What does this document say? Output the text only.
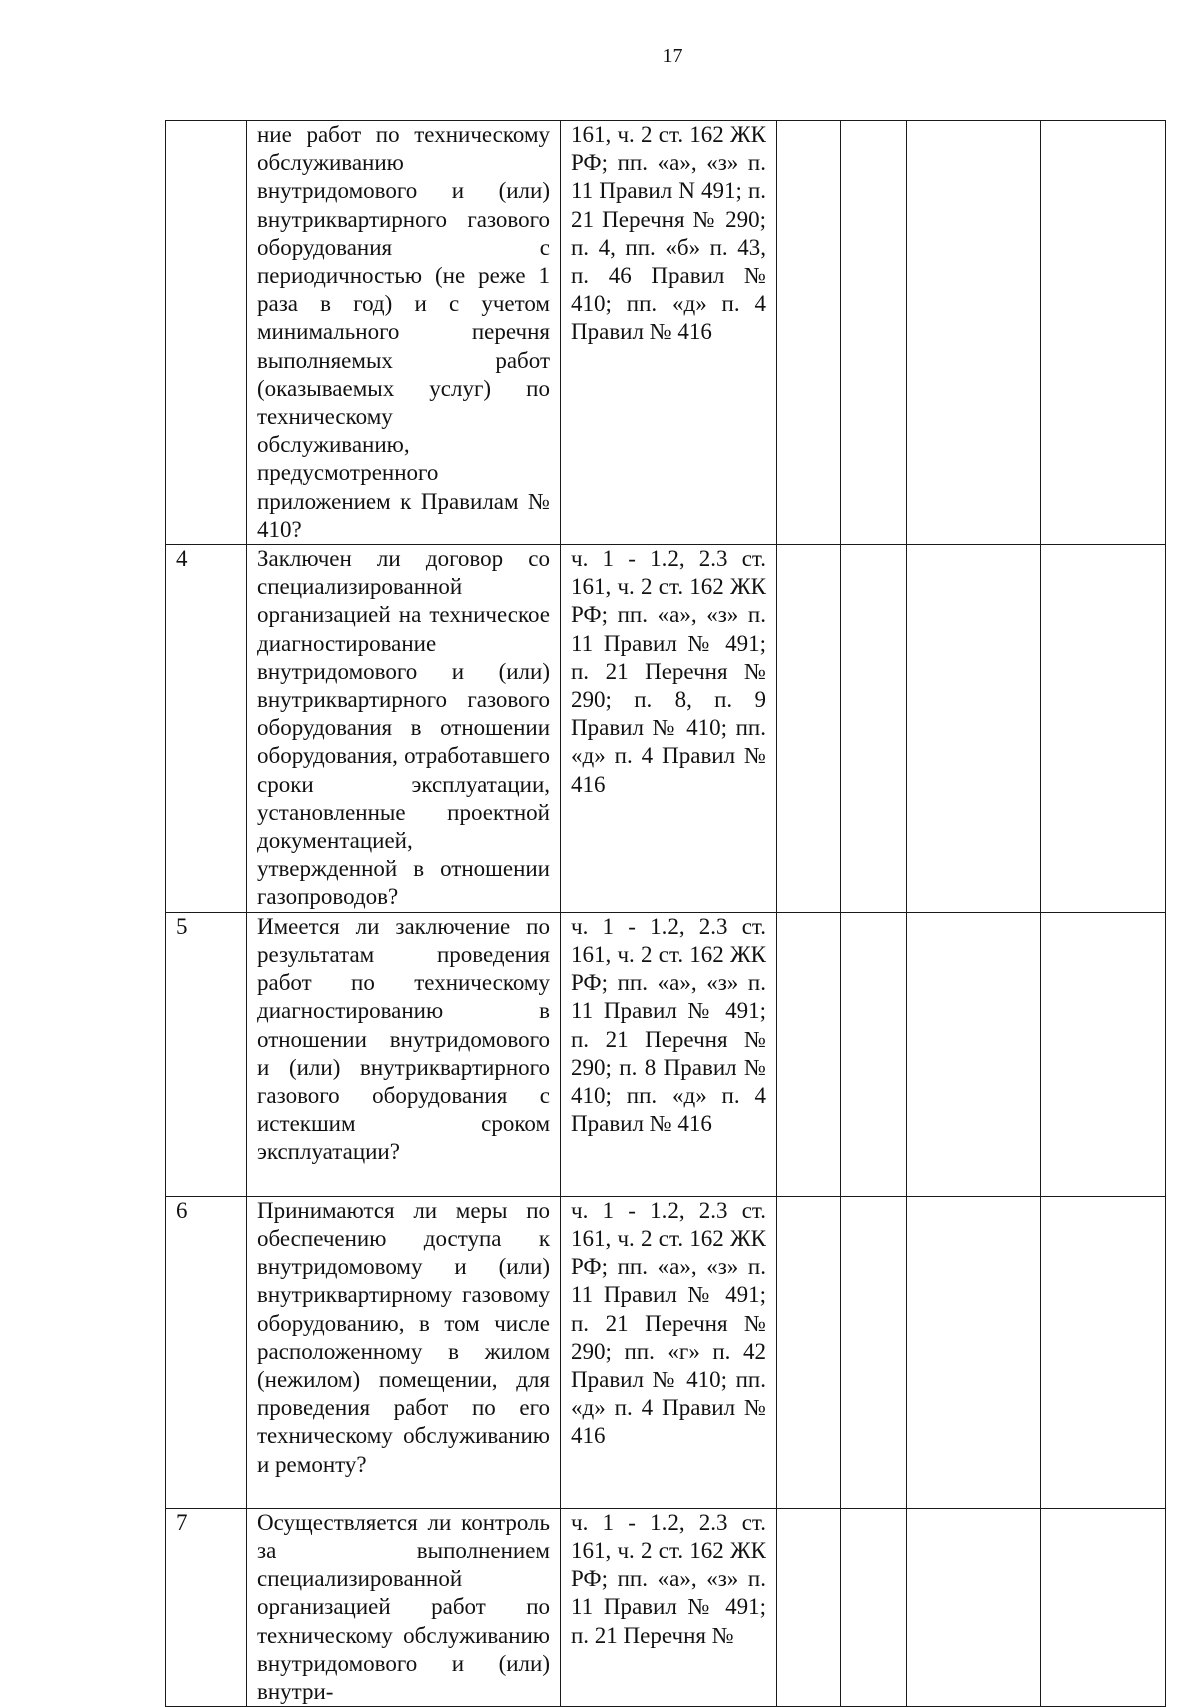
17

	ние работ по техническому обслуживанию внутридомового и (или) внутриквартирного газового оборудования с периодичностью (не реже 1 раза в год) и с учетом минимального перечня выполняемых работ (оказываемых услуг) по техническому обслуживанию, предусмотренного приложением к Правилам № 410?	161, ч. 2 ст. 162 ЖК РФ; пп. «а», «з» п. 11 Правил N 491; п. 21 Перечня № 290; п. 4, пп. «б» п. 43, п. 46 Правил № 410; пп. «д» п. 4 Правил № 416				

4	Заключен ли договор со специализированной организацией на техническое диагностирование внутридомового и (или) внутриквартирного газового оборудования в отношении оборудования, отработавшего сроки эксплуатации, установленные проектной документацией, утвержденной в отношении газопроводов?	ч. 1 - 1.2, 2.3 ст. 161, ч. 2 ст. 162 ЖК РФ; пп. «а», «з» п. 11 Правил № 491; п. 21 Перечня № 290; п. 8, п. 9 Правил № 410; пп. «д» п. 4 Правил № 416				

5	Имеется ли заключение по результатам проведения работ по техническому диагностированию в отношении внутридомового и (или) внутриквартирного газового оборудования с истекшим сроком эксплуатации?	ч. 1 - 1.2, 2.3 ст. 161, ч. 2 ст. 162 ЖК РФ; пп. «а», «з» п. 11 Правил № 491; п. 21 Перечня № 290; п. 8 Правил № 410; пп. «д» п. 4 Правил № 416				

6	Принимаются ли меры по обеспечению доступа к внутридомовому и (или) внутриквартирному газовому оборудованию, в том числе расположенному в жилом (нежилом) помещении, для проведения работ по его техническому обслуживанию и ремонту?	ч. 1 - 1.2, 2.3 ст. 161, ч. 2 ст. 162 ЖК РФ; пп. «а», «з» п. 11 Правил № 491; п. 21 Перечня № 290; пп. «г» п. 42 Правил № 410; пп. «д» п. 4 Правил № 416				

7	Осуществляется ли контроль за выполнением специализированной организацией работ по техническому обслуживанию внутридомового и (или) внутри-	ч. 1 - 1.2, 2.3 ст. 161, ч. 2 ст. 162 ЖК РФ; пп. «а», «з» п. 11 Правил № 491; п. 21 Перечня №				
